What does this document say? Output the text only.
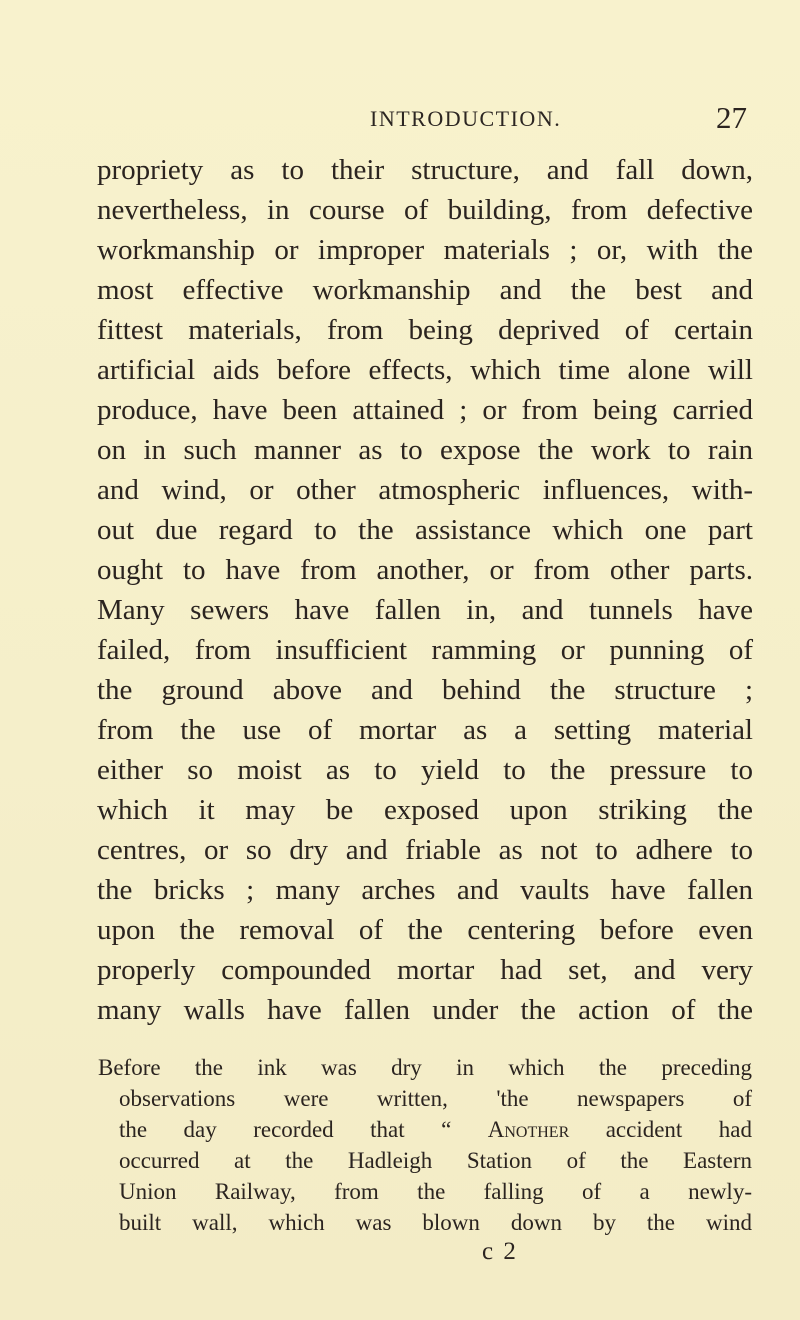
INTRODUCTION.	27
propriety as to their structure, and fall down,
nevertheless, in course of building, from defective
workmanship or improper materials ; or, with the
most effective workmanship and the best and
fittest materials, from being deprived of certain
artificial aids before effects, which time alone will
produce, have been attained ; or from being carried
on in such manner as to expose the work to rain
and wind, or other atmospheric influences, with-
out due regard to the assistance which one part
ought to have from another, or from other parts.
Many sewers have fallen in, and tunnels have
failed, from insufficient ramming or punning of
the ground above and behind the structure ;
from the use of mortar as a setting material
either so moist as to yield to the pressure to
which it may be exposed upon striking the
centres, or so dry and friable as not to adhere to
the bricks ; many arches and vaults have fallen
upon the removal of the centering before even
properly compounded mortar had set, and very
many walls have fallen under the action of the
Before the ink was dry in which the preceding
observations were written, 'the newspapers of
the day recorded that “ Another accident had
occurred at the Hadleigh Station of the Eastern
Union Railway, from the falling of a newly-
built wall, which was blown down by the wind
c 2
